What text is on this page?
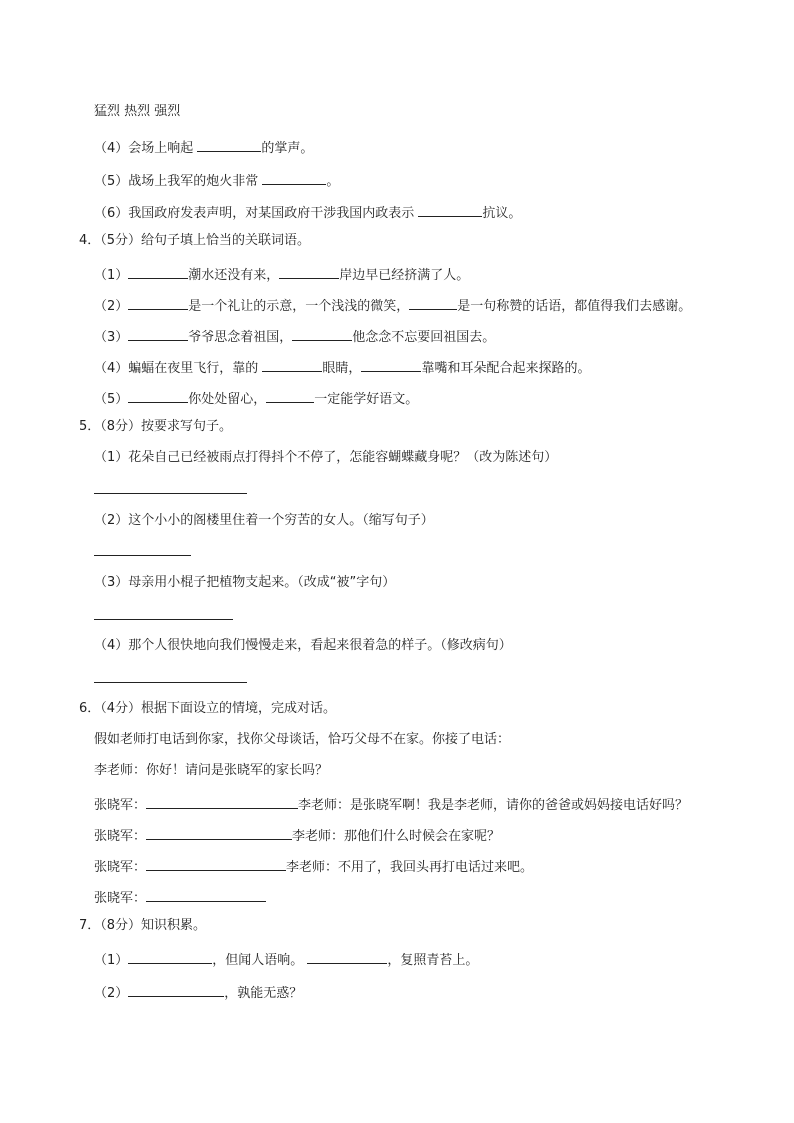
猛烈 热烈 强烈
（4）会场上响起	的掌声。
（5）战场上我军的炮火非常	。
（6）我国政府发表声明，对某国政府干涉我国内政表示	抗议。
4．（5分）给句子填上恰当的关联词语。
（1）	潮水还没有来，	岸边早已经挤满了人。
（2）	是一个礼让的示意，一个浅浅的微笑，	是一句称赞的话语，都值得我们去感谢。
（3）	爷爷思念着祖国，	他念念不忘要回祖国去。
（4）蝙蝠在夜里飞行，靠的	眼睛，	靠嘴和耳朵配合起来探路的。
（5）	你处处留心，	一定能学好语文。
5．（8分）按要求写句子。
（1）花朵自己已经被雨点打得抖个不停了，怎能容蝴蝶藏身呢？（改为陈述句）
（2）这个小小的阁楼里住着一个穷苦的女人。（缩写句子）
（3）母亲用小棍子把植物支起来。（改成“被”字句）
（4）那个人很快地向我们慢慢走来，看起来很着急的样子。（修改病句）
6．（4分）根据下面设立的情境，完成对话。
假如老师打电话到你家，找你父母谈话，恰巧父母不在家。你接了电话：
李老师：你好！请问是张晓军的家长吗？
张晓军：	李老师：是张晓军啊！我是李老师，请你的爸爸或妈妈接电话好吗？
张晓军：	李老师：那他们什么时候会在家呢？
张晓军：	李老师：不用了，我回头再打电话过来吧。
张晓军：
7．（8分）知识积累。
（1）	，但闻人语响。	，复照青苔上。
（2）	，孰能无惑？
